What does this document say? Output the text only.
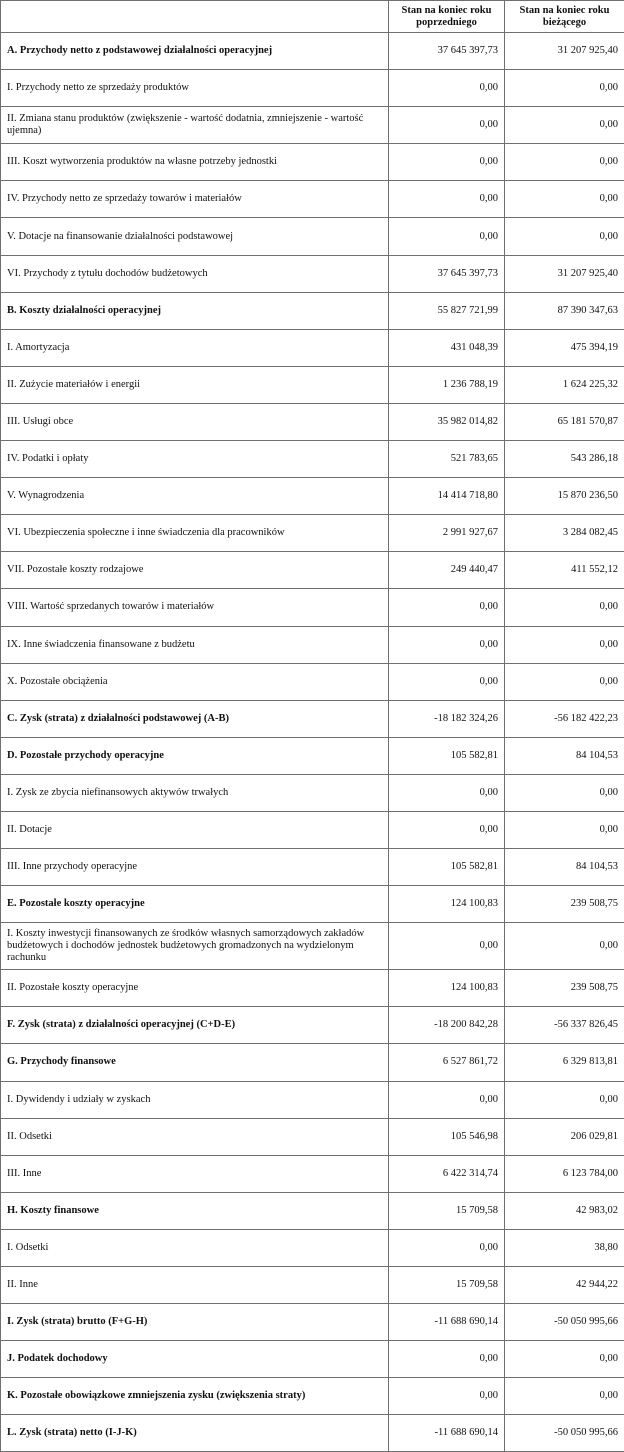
	Stan na koniec roku poprzedniego	Stan na koniec roku bieżącego
A. Przychody netto z podstawowej działalności operacyjnej	37 645 397,73	31 207 925,40
I. Przychody netto ze sprzedaży produktów	0,00	0,00
II. Zmiana stanu produktów (zwiększenie - wartość dodatnia, zmniejszenie - wartość ujemna)	0,00	0,00
III. Koszt wytworzenia produktów na własne potrzeby jednostki	0,00	0,00
IV. Przychody netto ze sprzedaży towarów i materiałów	0,00	0,00
V. Dotacje na finansowanie działalności podstawowej	0,00	0,00
VI. Przychody z tytułu dochodów budżetowych	37 645 397,73	31 207 925,40
B. Koszty działalności operacyjnej	55 827 721,99	87 390 347,63
I. Amortyzacja	431 048,39	475 394,19
II. Zużycie materiałów i energii	1 236 788,19	1 624 225,32
III. Usługi obce	35 982 014,82	65 181 570,87
IV. Podatki i opłaty	521 783,65	543 286,18
V. Wynagrodzenia	14 414 718,80	15 870 236,50
VI. Ubezpieczenia społeczne i inne świadczenia dla pracowników	2 991 927,67	3 284 082,45
VII. Pozostałe koszty rodzajowe	249 440,47	411 552,12
VIII. Wartość sprzedanych towarów i materiałów	0,00	0,00
IX. Inne świadczenia finansowane z budżetu	0,00	0,00
X. Pozostałe obciążenia	0,00	0,00
C. Zysk (strata) z działalności podstawowej (A-B)	-18 182 324,26	-56 182 422,23
D. Pozostałe przychody operacyjne	105 582,81	84 104,53
I. Zysk ze zbycia niefinansowych aktywów trwałych	0,00	0,00
II. Dotacje	0,00	0,00
III. Inne przychody operacyjne	105 582,81	84 104,53
E. Pozostałe koszty operacyjne	124 100,83	239 508,75
I. Koszty inwestycji finansowanych ze środków własnych samorządowych zakładów budżetowych i dochodów jednostek budżetowych gromadzonych na wydzielonym rachunku	0,00	0,00
II. Pozostałe koszty operacyjne	124 100,83	239 508,75
F. Zysk (strata) z działalności operacyjnej (C+D-E)	-18 200 842,28	-56 337 826,45
G. Przychody finansowe	6 527 861,72	6 329 813,81
I. Dywidendy i udziały w zyskach	0,00	0,00
II. Odsetki	105 546,98	206 029,81
III. Inne	6 422 314,74	6 123 784,00
H. Koszty finansowe	15 709,58	42 983,02
I. Odsetki	0,00	38,80
II. Inne	15 709,58	42 944,22
I. Zysk (strata) brutto (F+G-H)	-11 688 690,14	-50 050 995,66
J. Podatek dochodowy	0,00	0,00
K. Pozostałe obowiązkowe zmniejszenia zysku (zwiększenia straty)	0,00	0,00
L. Zysk (strata) netto (I-J-K)	-11 688 690,14	-50 050 995,66
